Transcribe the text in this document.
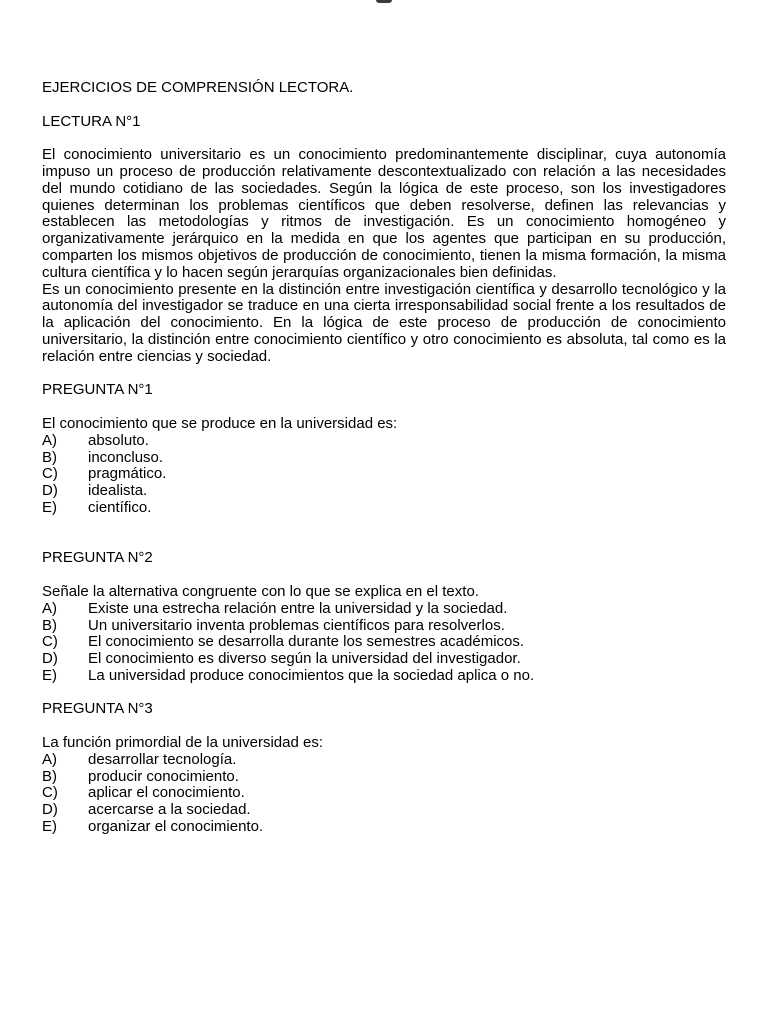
EJERCICIOS DE COMPRENSIÓN LECTORA.

LECTURA N°1

El conocimiento universitario es un conocimiento predominantemente disciplinar, cuya autonomía impuso un proceso de producción relativamente descontextualizado con relación a las necesidades del mundo cotidiano de las sociedades. Según la lógica de este proceso, son los investigadores quienes determinan los problemas científicos que deben resolverse, definen las relevancias y establecen las metodologías y ritmos de investigación. Es un conocimiento homogéneo y organizativamente jerárquico en la medida en que los agentes que participan en su producción, comparten los mismos objetivos de producción de conocimiento, tienen la misma formación, la misma cultura científica y lo hacen según jerarquías organizacionales bien definidas.

Es un conocimiento presente en la distinción entre investigación científica y desarrollo tecnológico y la autonomía del investigador se traduce en una cierta irresponsabilidad social frente a los resultados de la aplicación del conocimiento. En la lógica de este proceso de producción de conocimiento universitario, la distinción entre conocimiento científico y otro conocimiento es absoluta, tal como es la relación entre ciencias y sociedad.

PREGUNTA N°1

El conocimiento que se produce en la universidad es:

A)	absoluto.
B)	inconcluso.
C)	pragmático.
D)	idealista.
E)	científico.

PREGUNTA N°2

Señale la alternativa congruente con lo que se explica en el texto.

A)	Existe una estrecha relación entre la universidad y la sociedad.
B)	Un universitario inventa problemas científicos para resolverlos.
C)	El conocimiento se desarrolla durante los semestres académicos.
D)	El conocimiento es diverso según la universidad del investigador.
E)	La universidad produce conocimientos que la sociedad aplica o no.

PREGUNTA N°3

La función primordial de la universidad es:

A)	desarrollar tecnología.
B)	producir conocimiento.
C)	aplicar el conocimiento.
D)	acercarse a la sociedad.
E)	organizar el conocimiento.
